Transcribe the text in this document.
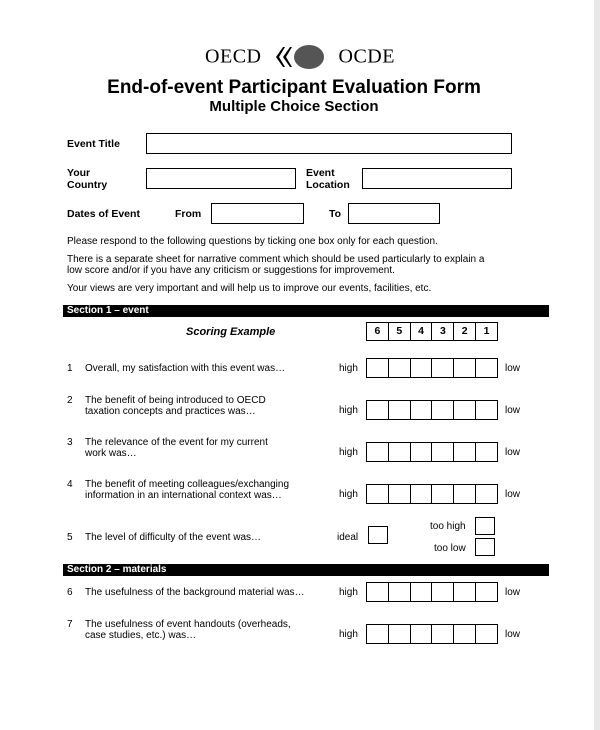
OECD	OCDE
End-of-event Participant Evaluation Form
Multiple Choice Section
Event Title
Your
Country
Event
Location
Dates of Event	From	To
Please respond to the following questions by ticking one box only for each question.
There is a separate sheet for narrative comment which should be used particularly to explain a
low score and/or if you have any criticism or suggestions for improvement.
Your views are very important and will help us to improve our events, facilities, etc.
Section 1 – event
Scoring Example	6	5	4	3	2	1
1 Overall, my satisfaction with this event was…	high	low
2 The benefit of being introduced to OECD
taxation concepts and practices was…	high	low
3 The relevance of the event for my current
work was…	high	low
4 The benefit of meeting colleagues/exchanging
information in an international context was…	high	low
5 The level of difficulty of the event was…	ideal
too high
too low
Section 2 – materials
6 The usefulness of the background material was…	high	low
7 The usefulness of event handouts (overheads,
case studies, etc.) was…	high	low
